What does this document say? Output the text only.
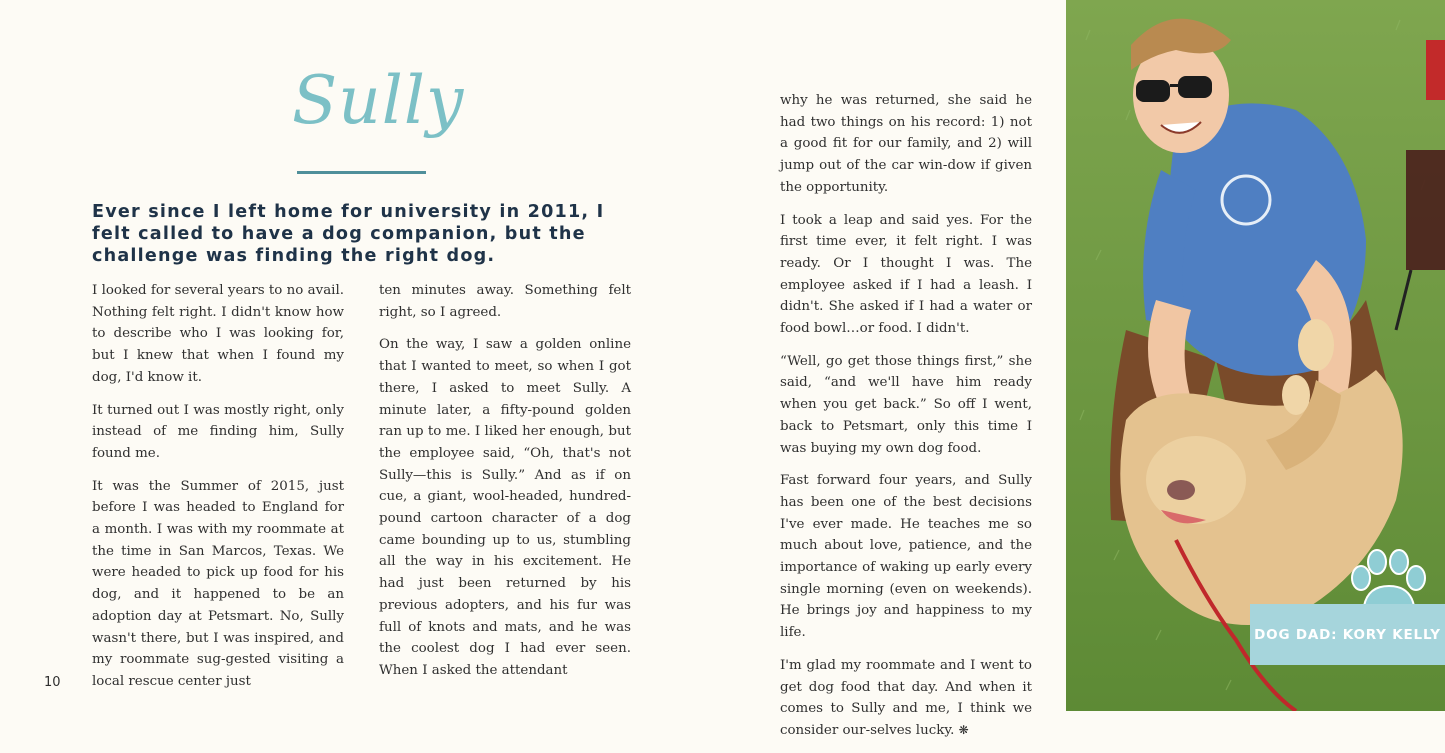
Sully

Ever since I left home for university in 2011, I felt called to have a dog companion, but the challenge was finding the right dog.

I looked for several years to no avail. Nothing felt right. I didn't know how to describe who I was looking for, but I knew that when I found my dog, I'd know it.

It turned out I was mostly right, only instead of me finding him, Sully found me.

It was the Summer of 2015, just before I was headed to England for a month. I was with my roommate at the time in San Marcos, Texas. We were headed to pick up food for his dog, and it happened to be an adoption day at Petsmart. No, Sully wasn't there, but I was inspired, and my roommate sug-gested visiting a local rescue center just

ten minutes away. Something felt right, so I agreed.

On the way, I saw a golden online that I wanted to meet, so when I got there, I asked to meet Sully. A minute later, a fifty-pound golden ran up to me. I liked her enough, but the employee said, “Oh, that's not Sully—this is Sully.” And as if on cue, a giant, wool-headed, hundred-pound cartoon character of a dog came bounding up to us, stumbling all the way in his excitement. He had just been returned by his previous adopters, and his fur was full of knots and mats, and he was the coolest dog I had ever seen. When I asked the attendant

why he was returned, she said he had two things on his record: 1) not a good fit for our family, and 2) will jump out of the car win-dow if given the opportunity.

I took a leap and said yes. For the first time ever, it felt right. I was ready. Or I thought I was. The employee asked if I had a leash. I didn't. She asked if I had a water or food bowl…or food. I didn't.

“Well, go get those things first,” she said, “and we'll have him ready when you get back.” So off I went, back to Petsmart, only this time I was buying my own dog food.

Fast forward four years, and Sully has been one of the best decisions I've ever made. He teaches me so much about love, patience, and the importance of waking up early every single morning (even on weekends). He brings joy and happiness to my life.

I'm glad my roommate and I went to get dog food that day. And when it comes to Sully and me, I think we consider our-selves lucky. ❋

10
DOG DAD: KORY KELLY
